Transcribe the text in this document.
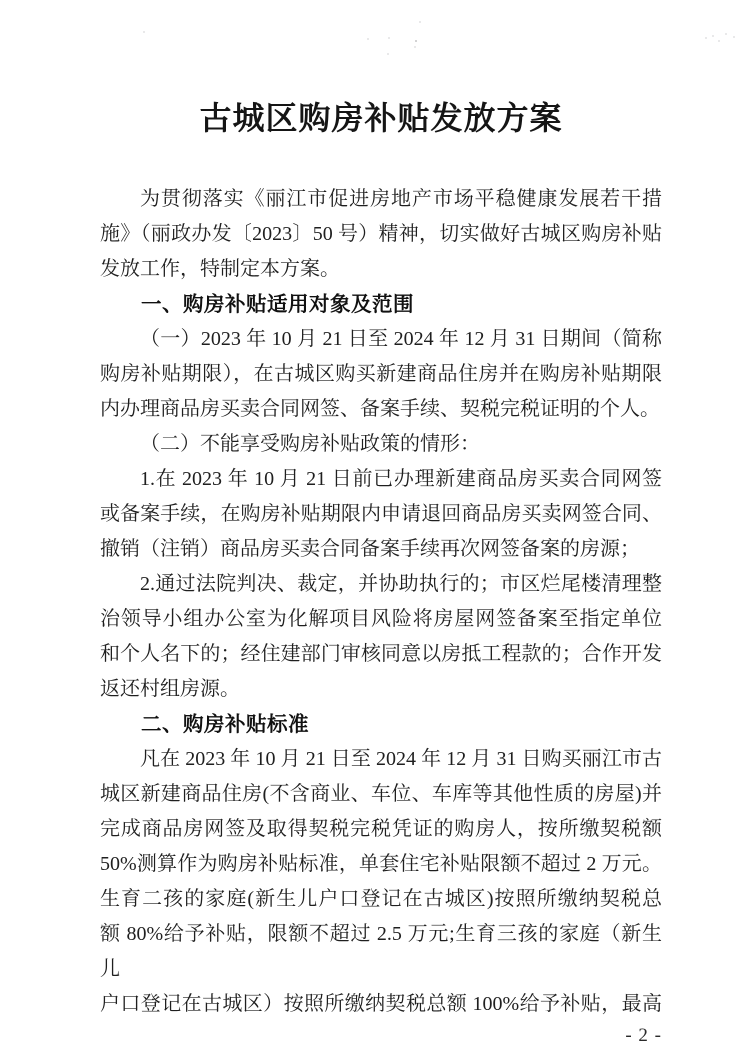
古城区购房补贴发放方案
为贯彻落实《丽江市促进房地产市场平稳健康发展若干措
施》（丽政办发〔2023〕50 号）精神，切实做好古城区购房补贴
发放工作，特制定本方案。
一、购房补贴适用对象及范围
（一）2023 年 10 月 21 日至 2024 年 12 月 31 日期间（简称
购房补贴期限），在古城区购买新建商品住房并在购房补贴期限
内办理商品房买卖合同网签、备案手续、契税完税证明的个人。
（二）不能享受购房补贴政策的情形：
1.在 2023 年 10 月 21 日前已办理新建商品房买卖合同网签
或备案手续，在购房补贴期限内申请退回商品房买卖网签合同、
撤销（注销）商品房买卖合同备案手续再次网签备案的房源；
2.通过法院判决、裁定，并协助执行的；市区烂尾楼清理整
治领导小组办公室为化解项目风险将房屋网签备案至指定单位
和个人名下的；经住建部门审核同意以房抵工程款的；合作开发
返还村组房源。
二、购房补贴标准
凡在 2023 年 10 月 21 日至 2024 年 12 月 31 日购买丽江市古
城区新建商品住房(不含商业、车位、车库等其他性质的房屋)并
完成商品房网签及取得契税完税凭证的购房人，按所缴契税额
50%测算作为购房补贴标准，单套住宅补贴限额不超过 2 万元。
生育二孩的家庭(新生儿户口登记在古城区)按照所缴纳契税总
额 80%给予补贴，限额不超过 2.5 万元;生育三孩的家庭（新生儿
户口登记在古城区）按照所缴纳契税总额 100%给予补贴，最高
- 2 -
